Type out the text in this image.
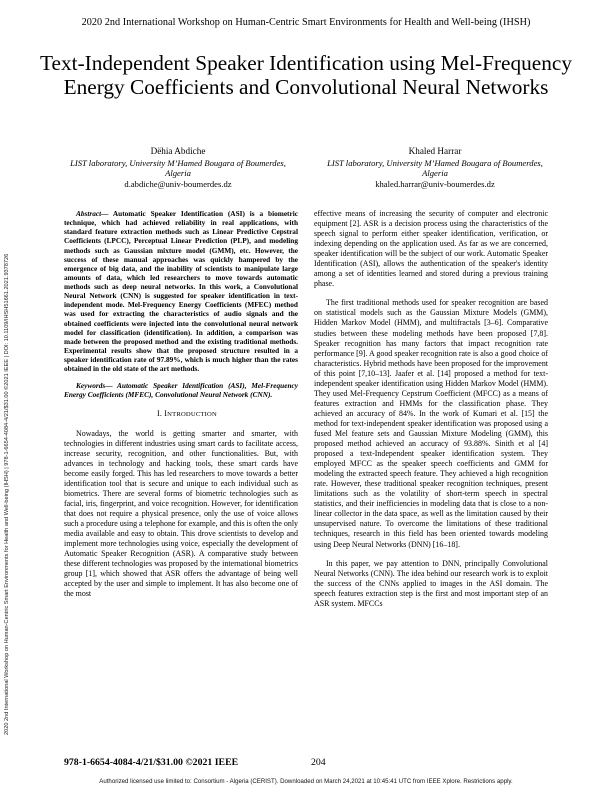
2020 2nd International Workshop on Human-Centric Smart Environments for Health and Well-being (IHSH)
2020 2nd International Workshop on Human-Centric Smart Environments for Health and Well-being (IHSH) | 978-1-6654-4084-4/21/$31.00 ©2021 IEEE | DOI: 10.1109/IHSH51661.2021.9378726
Text-Independent Speaker Identification using Mel-Frequency Energy Coefficients and Convolutional Neural Networks
Dëhia Abdiche
LIST laboratory, University M’Hamed Bougara of Boumerdes,
Algeria
d.abdiche@univ-boumerdes.dz
Khaled Harrar
LIST laboratory, University M’Hamed Bougara of Boumerdes,
Algeria
khaled.harrar@univ-boumerdes.dz

Abstract— Automatic Speaker Identification (ASI) is a biometric technique, which had achieved reliability in real applications, with standard feature extraction methods such as Linear Predictive Cepstral Coefficients (LPCC), Perceptual Linear Prediction (PLP), and modeling methods such as Gaussian mixture model (GMM), etc. However, the success of these manual approaches was quickly hampered by the emergence of big data, and the inability of scientists to manipulate large amounts of data, which led researchers to move towards automatic methods such as deep neural networks. In this work, a Convolutional Neural Network (CNN) is suggested for speaker identification in text-independent mode. Mel-Frequency Energy Coefficients (MFEC) method was used for extracting the characteristics of audio signals and the obtained coefficients were injected into the convolutional neural network model for classification (identification). In addition, a comparison was made between the proposed method and the existing traditional methods. Experimental results show that the proposed structure resulted in a speaker identification rate of 97.89%, which is much higher than the rates obtained in the old state of the art methods.

Keywords— Automatic Speaker Identification (ASI), Mel-Frequency Energy Coefficients (MFEC), Convolutional Neural Network (CNN).

I. INTRODUCTION

Nowadays, the world is getting smarter and smarter, with technologies in different industries using smart cards to facilitate access, increase security, recognition, and other functionalities. But, with advances in technology and hacking tools, these smart cards have become easily forged. This has led researchers to move towards a better identification tool that is secure and unique to each individual such as biometrics. There are several forms of biometric technologies such as facial, iris, fingerprint, and voice recognition. However, for identification that does not require a physical presence, only the use of voice allows such a procedure using a telephone for example, and this is often the only media available and easy to obtain. This drove scientists to develop and implement more technologies using voice, especially the development of Automatic Speaker Recognition (ASR). A comparative study between these different technologies was proposed by the international biometrics group [1], which showed that ASR offers the advantage of being well accepted by the user and simple to implement. It has also become one of the most

effective means of increasing the security of computer and electronic equipment [2]. ASR is a decision process using the characteristics of the speech signal to perform either speaker identification, verification, or indexing depending on the application used. As far as we are concerned, speaker identification will be the subject of our work. Automatic Speaker Identification (ASI), allows the authentication of the speaker's identity among a set of identities learned and stored during a previous training phase.

The first traditional methods used for speaker recognition are based on statistical models such as the Gaussian Mixture Models (GMM), Hidden Markov Model (HMM), and multifractals [3–6]. Comparative studies between these modeling methods have been proposed [7,8]. Speaker recognition has many factors that impact recognition rate performance [9]. A good speaker recognition rate is also a good choice of characteristics. Hybrid methods have been proposed for the improvement of this point [7,10–13]. Jaafer et al. [14] proposed a method for text-independent speaker identification using Hidden Markov Model (HMM). They used Mel-Frequency Cepstrum Coefficient (MFCC) as a means of features extraction and HMMs for the classification phase. They achieved an accuracy of 84%. In the work of Kumari et al. [15] the method for text-independent speaker identification was proposed using a fused Mel feature sets and Gaussian Mixture Modeling (GMM), this proposed method achieved an accuracy of 93.88%. Sinith et al [4] proposed a text-Independent speaker identification system. They employed MFCC as the speaker speech coefficients and GMM for modeling the extracted speech feature. They achieved a high recognition rate. However, these traditional speaker recognition techniques, present limitations such as the volatility of short-term speech in spectral statistics, and their inefficiencies in modeling data that is close to a non-linear collector in the data space, as well as the limitation caused by their unsupervised nature. To overcome the limitations of these traditional techniques, research in this field has been oriented towards modeling using Deep Neural Networks (DNN) [16–18].

In this paper, we pay attention to DNN, principally Convolutional Neural Networks (CNN). The idea behind our research work is to exploit the success of the CNNs applied to images in the ASI domain. The speech features extraction step is the first and most important step of an ASR system. MFCCs

978-1-6654-4084-4/21/$31.00 ©2021 IEEE	204
Authorized licensed use limited to: Consortium - Algeria (CERIST). Downloaded on March 24,2021 at 10:45:41 UTC from IEEE Xplore. Restrictions apply.
